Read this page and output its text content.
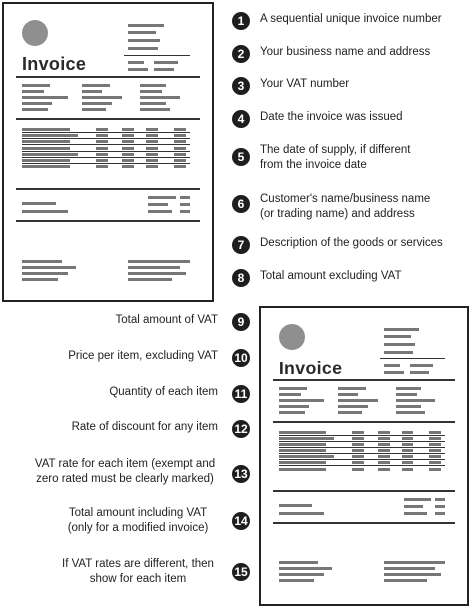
Invoice
Invoice
1	A sequential unique invoice number
2	Your business name and address
3	Your VAT number
4	Date the invoice was issued
5	The date of supply, if different from the invoice date
6	Customer's name/business name (or trading name) and address
7	Description of the goods or services
8	Total amount excluding VAT
Total amount of VAT	9
Price per item, excluding VAT 10
Quantity of each item 11
Rate of discount for any item 12
VAT rate for each item (exempt and zero rated must be clearly marked)	13
Total amount including VAT (only for a modified invoice)	14
If VAT rates are different, then show for each item	15
